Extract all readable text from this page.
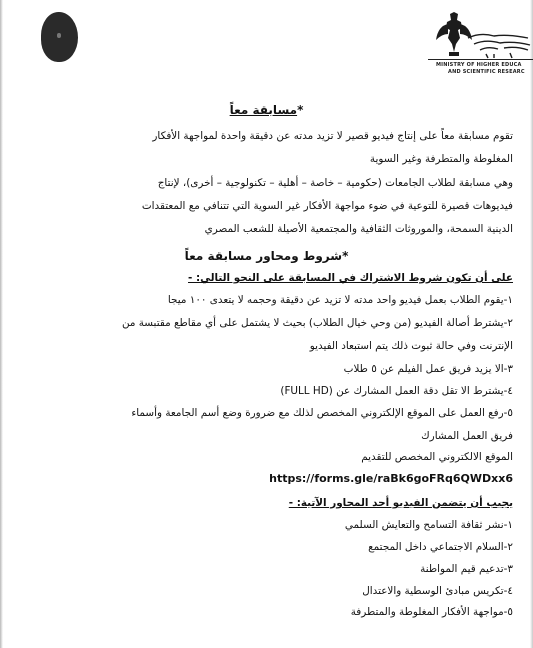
MINISTRY OF HIGHER EDUCA
AND SCIENTIFIC RESEARC
*مسابقة معاً
تقوم مسابقة معاً على إنتاج فيديو قصير لا تزيد مدته عن دقيقة واحدة لمواجهة الأفكار
المغلوطة والمتطرفة وغير السوية
وهي مسابقة لطلاب الجامعات (حكومية – خاصة – أهلية – تكنولوجية – أخرى)، لإنتاج
فيديوهات قصيرة للتوعية في ضوء مواجهة الأفكار غير السوية التي تتنافي مع المعتقدات
الدينية السمحة، والموروثات الثقافية والمجتمعية الأصيلة للشعب المصري
*شروط ومحاور مسابقة معاً
على أن تكون شروط الاشتراك في المسابقة على النحو التالي: -
١-يقوم الطلاب بعمل فيديو واحد مدته لا تزيد عن دقيقة وحجمه لا يتعدى ١٠٠ ميجا
٢-يشترط أصالة الفيديو (من وحي خيال الطلاب) بحيث لا يشتمل على أي مقاطع مقتبسة من
الإنترنت وفي حالة ثبوت ذلك يتم استبعاد الفيديو
٣-الا يزيد فريق عمل الفيلم عن ٥ طلاب
٤-يشترط الا تقل دقة العمل المشارك عن (FULL HD)
٥-رفع العمل على الموقع الإلكتروني المخصص لذلك مع ضرورة وضع أسم الجامعة وأسماء
فريق العمل المشارك
الموقع الالكتروني المخصص للتقديم
https://forms.gle/raBk6goFRq6QWDxx6
يجيب أن يتضمن الفيديو أحد المحاور الآتية: -
١-نشر ثقافة التسامح والتعايش السلمي
٢-السلام الاجتماعي داخل المجتمع
٣-تدعيم قيم المواطنة
٤-تكريس مبادئ الوسطية والاعتدال
٥-مواجهة الأفكار المغلوطة والمتطرفة
